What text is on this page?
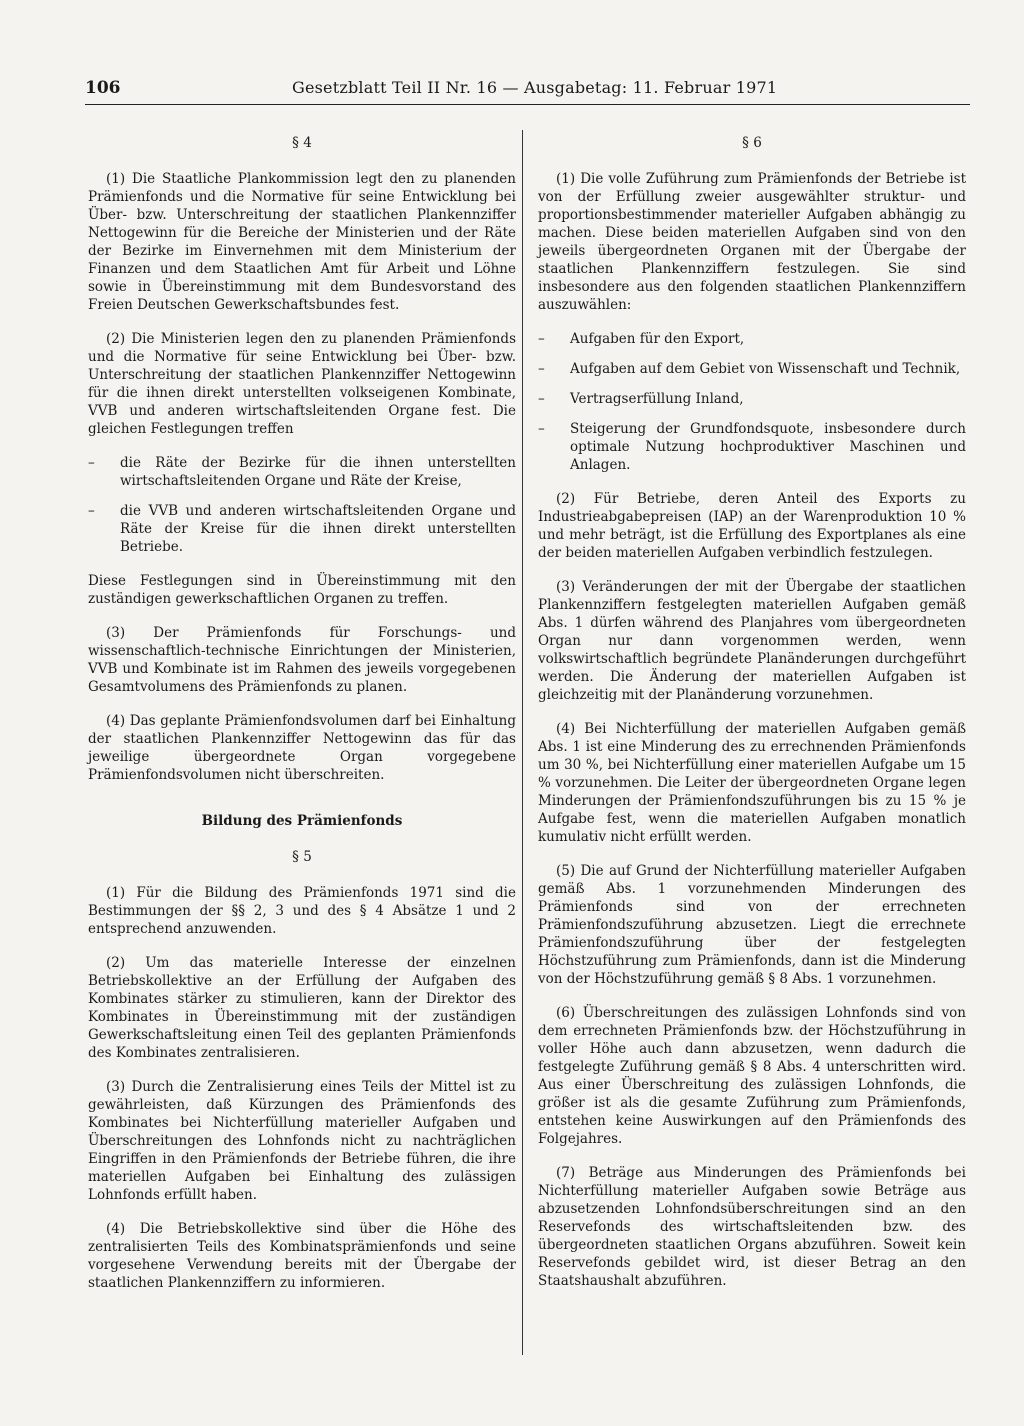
106	Gesetzblatt Teil II Nr. 16 — Ausgabetag: 11. Februar 1971
§ 4

(1) Die Staatliche Plankommission legt den zu planenden Prämienfonds und die Normative für seine Entwicklung bei Über- bzw. Unterschreitung der staatlichen Plankennziffer Nettogewinn für die Bereiche der Ministerien und der Räte der Bezirke im Einvernehmen mit dem Ministerium der Finanzen und dem Staatlichen Amt für Arbeit und Löhne sowie in Übereinstimmung mit dem Bundesvorstand des Freien Deutschen Gewerkschaftsbundes fest.

(2) Die Ministerien legen den zu planenden Prämienfonds und die Normative für seine Entwicklung bei Über- bzw. Unterschreitung der staatlichen Plankennziffer Nettogewinn für die ihnen direkt unterstellten volkseigenen Kombinate, VVB und anderen wirtschaftsleitenden Organe fest. Die gleichen Festlegungen treffen

– die Räte der Bezirke für die ihnen unterstellten wirtschaftsleitenden Organe und Räte der Kreise,
– die VVB und anderen wirtschaftsleitenden Organe und Räte der Kreise für die ihnen direkt unterstellten Betriebe.

Diese Festlegungen sind in Übereinstimmung mit den zuständigen gewerkschaftlichen Organen zu treffen.

(3) Der Prämienfonds für Forschungs- und wissenschaftlich-technische Einrichtungen der Ministerien, VVB und Kombinate ist im Rahmen des jeweils vorgegebenen Gesamtvolumens des Prämienfonds zu planen.

(4) Das geplante Prämienfondsvolumen darf bei Einhaltung der staatlichen Plankennziffer Nettogewinn das für das jeweilige übergeordnete Organ vorgegebene Prämienfondsvolumen nicht überschreiten.

Bildung des Prämienfonds
§ 5

(1) Für die Bildung des Prämienfonds 1971 sind die Bestimmungen der §§ 2, 3 und des § 4 Absätze 1 und 2 entsprechend anzuwenden.

(2) Um das materielle Interesse der einzelnen Betriebskollektive an der Erfüllung der Aufgaben des Kombinates stärker zu stimulieren, kann der Direktor des Kombinates in Übereinstimmung mit der zuständigen Gewerkschaftsleitung einen Teil des geplanten Prämienfonds des Kombinates zentralisieren.

(3) Durch die Zentralisierung eines Teils der Mittel ist zu gewährleisten, daß Kürzungen des Prämienfonds des Kombinates bei Nichterfüllung materieller Aufgaben und Überschreitungen des Lohnfonds nicht zu nachträglichen Eingriffen in den Prämienfonds der Betriebe führen, die ihre materiellen Aufgaben bei Einhaltung des zulässigen Lohnfonds erfüllt haben.

(4) Die Betriebskollektive sind über die Höhe des zentralisierten Teils des Kombinatsprämienfonds und seine vorgesehene Verwendung bereits mit der Übergabe der staatlichen Plankennziffern zu informieren.

§ 6

(1) Die volle Zuführung zum Prämienfonds der Betriebe ist von der Erfüllung zweier ausgewählter struktur- und proportionsbestimmender materieller Aufgaben abhängig zu machen. Diese beiden materiellen Aufgaben sind von den jeweils übergeordneten Organen mit der Übergabe der staatlichen Plankennziffern festzulegen. Sie sind insbesondere aus den folgenden staatlichen Plankennziffern auszuwählen:

– Aufgaben für den Export,
– Aufgaben auf dem Gebiet von Wissenschaft und Technik,
– Vertragserfüllung Inland,
– Steigerung der Grundfondsquote, insbesondere durch optimale Nutzung hochproduktiver Maschinen und Anlagen.

(2) Für Betriebe, deren Anteil des Exports zu Industrieabgabepreisen (IAP) an der Warenproduktion 10 % und mehr beträgt, ist die Erfüllung des Exportplanes als eine der beiden materiellen Aufgaben verbindlich festzulegen.

(3) Veränderungen der mit der Übergabe der staatlichen Plankennziffern festgelegten materiellen Aufgaben gemäß Abs. 1 dürfen während des Planjahres vom übergeordneten Organ nur dann vorgenommen werden, wenn volkswirtschaftlich begründete Planänderungen durchgeführt werden. Die Änderung der materiellen Aufgaben ist gleichzeitig mit der Planänderung vorzunehmen.

(4) Bei Nichterfüllung der materiellen Aufgaben gemäß Abs. 1 ist eine Minderung des zu errechnenden Prämienfonds um 30 %, bei Nichterfüllung einer materiellen Aufgabe um 15 % vorzunehmen. Die Leiter der übergeordneten Organe legen Minderungen der Prämienfondszuführungen bis zu 15 % je Aufgabe fest, wenn die materiellen Aufgaben monatlich kumulativ nicht erfüllt werden.

(5) Die auf Grund der Nichterfüllung materieller Aufgaben gemäß Abs. 1 vorzunehmenden Minderungen des Prämienfonds sind von der errechneten Prämienfondszuführung abzusetzen. Liegt die errechnete Prämienfondszuführung über der festgelegten Höchstzuführung zum Prämienfonds, dann ist die Minderung von der Höchstzuführung gemäß § 8 Abs. 1 vorzunehmen.

(6) Überschreitungen des zulässigen Lohnfonds sind von dem errechneten Prämienfonds bzw. der Höchstzuführung in voller Höhe auch dann abzusetzen, wenn dadurch die festgelegte Zuführung gemäß § 8 Abs. 4 unterschritten wird. Aus einer Überschreitung des zulässigen Lohnfonds, die größer ist als die gesamte Zuführung zum Prämienfonds, entstehen keine Auswirkungen auf den Prämienfonds des Folgejahres.

(7) Beträge aus Minderungen des Prämienfonds bei Nichterfüllung materieller Aufgaben sowie Beträge aus abzusetzenden Lohnfondsüberschreitungen sind an den Reservefonds des wirtschaftsleitenden bzw. des übergeordneten staatlichen Organs abzuführen. Soweit kein Reservefonds gebildet wird, ist dieser Betrag an den Staatshaushalt abzuführen.
